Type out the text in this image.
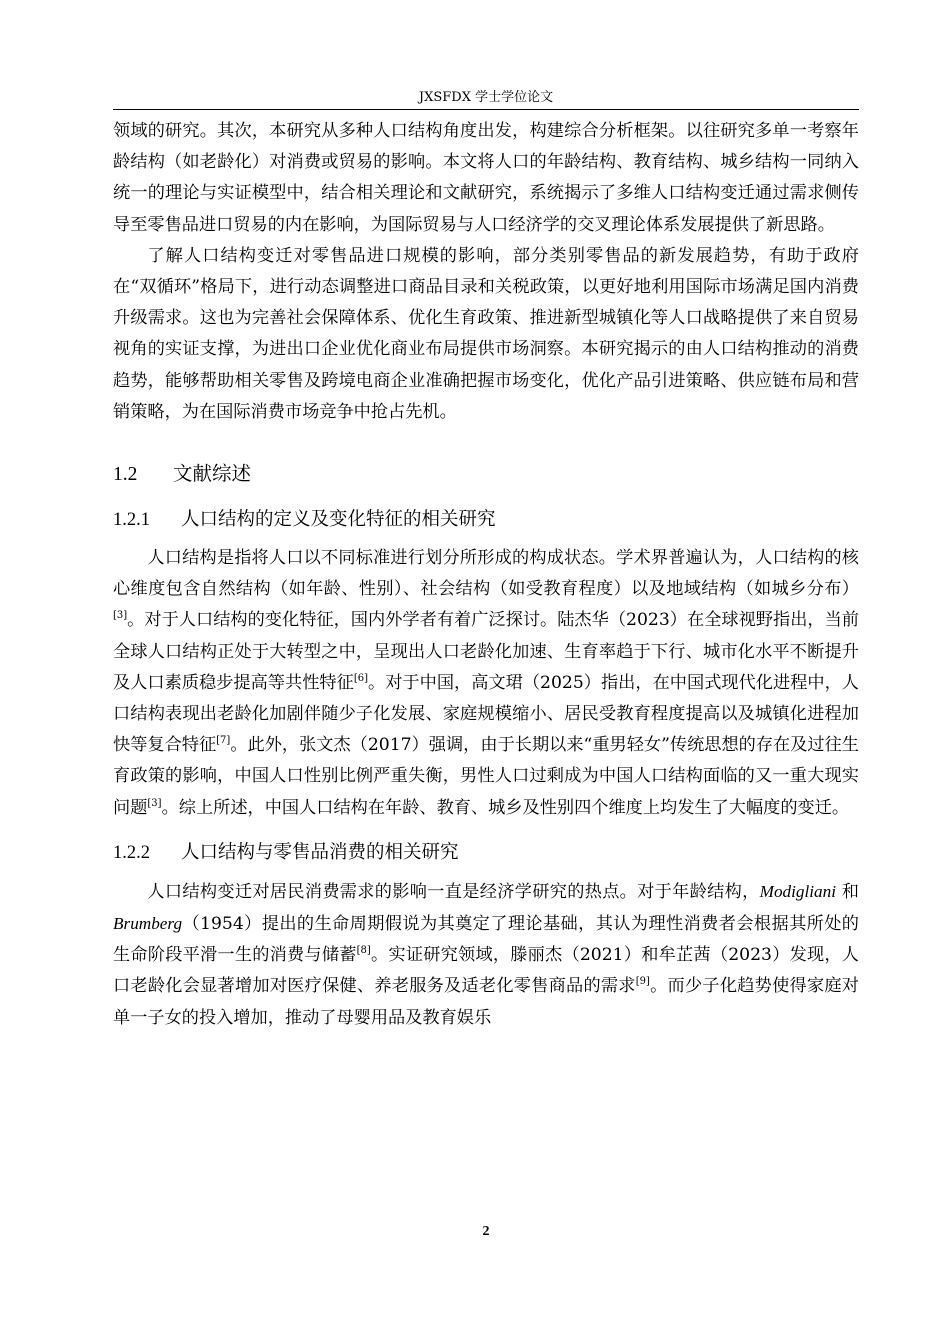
JXSFDX 学士学位论文

领域的研究。其次，本研究从多种人口结构角度出发，构建综合分析框架。以往研究多单一考察年龄结构（如老龄化）对消费或贸易的影响。本文将人口的年龄结构、教育结构、城乡结构一同纳入统一的理论与实证模型中，结合相关理论和文献研究，系统揭示了多维人口结构变迁通过需求侧传导至零售品进口贸易的内在影响，为国际贸易与人口经济学的交叉理论体系发展提供了新思路。

了解人口结构变迁对零售品进口规模的影响，部分类别零售品的新发展趋势，有助于政府在“双循环”格局下，进行动态调整进口商品目录和关税政策，以更好地利用国际市场满足国内消费升级需求。这也为完善社会保障体系、优化生育政策、推进新型城镇化等人口战略提供了来自贸易视角的实证支撑，为进出口企业优化商业布局提供市场洞察。本研究揭示的由人口结构推动的消费趋势，能够帮助相关零售及跨境电商企业准确把握市场变化，优化产品引进策略、供应链布局和营销策略，为在国际消费市场竞争中抢占先机。

1.2 文献综述
1.2.1 人口结构的定义及变化特征的相关研究

人口结构是指将人口以不同标准进行划分所形成的构成状态。学术界普遍认为，人口结构的核心维度包含自然结构（如年龄、性别）、社会结构（如受教育程度）以及地域结构（如城乡分布）[3]。对于人口结构的变化特征，国内外学者有着广泛探讨。陆杰华（2023）在全球视野指出，当前全球人口结构正处于大转型之中，呈现出人口老龄化加速、生育率趋于下行、城市化水平不断提升及人口素质稳步提高等共性特征[6]。对于中国，高文珺（2025）指出，在中国式现代化进程中，人口结构表现出老龄化加剧伴随少子化发展、家庭规模缩小、居民受教育程度提高以及城镇化进程加快等复合特征[7]。此外，张文杰（2017）强调，由于长期以来“重男轻女”传统思想的存在及过往生育政策的影响，中国人口性别比例严重失衡，男性人口过剩成为中国人口结构面临的又一重大现实问题[3]。综上所述，中国人口结构在年龄、教育、城乡及性别四个维度上均发生了大幅度的变迁。

1.2.2 人口结构与零售品消费的相关研究

人口结构变迁对居民消费需求的影响一直是经济学研究的热点。对于年龄结构，Modigliani 和 Brumberg（1954）提出的生命周期假说为其奠定了理论基础，其认为理性消费者会根据其所处的生命阶段平滑一生的消费与储蓄[8]。实证研究领域，滕丽杰（2021）和牟芷茜（2023）发现，人口老龄化会显著增加对医疗保健、养老服务及适老化零售商品的需求[9]。而少子化趋势使得家庭对单一子女的投入增加，推动了母婴用品及教育娱乐

2
